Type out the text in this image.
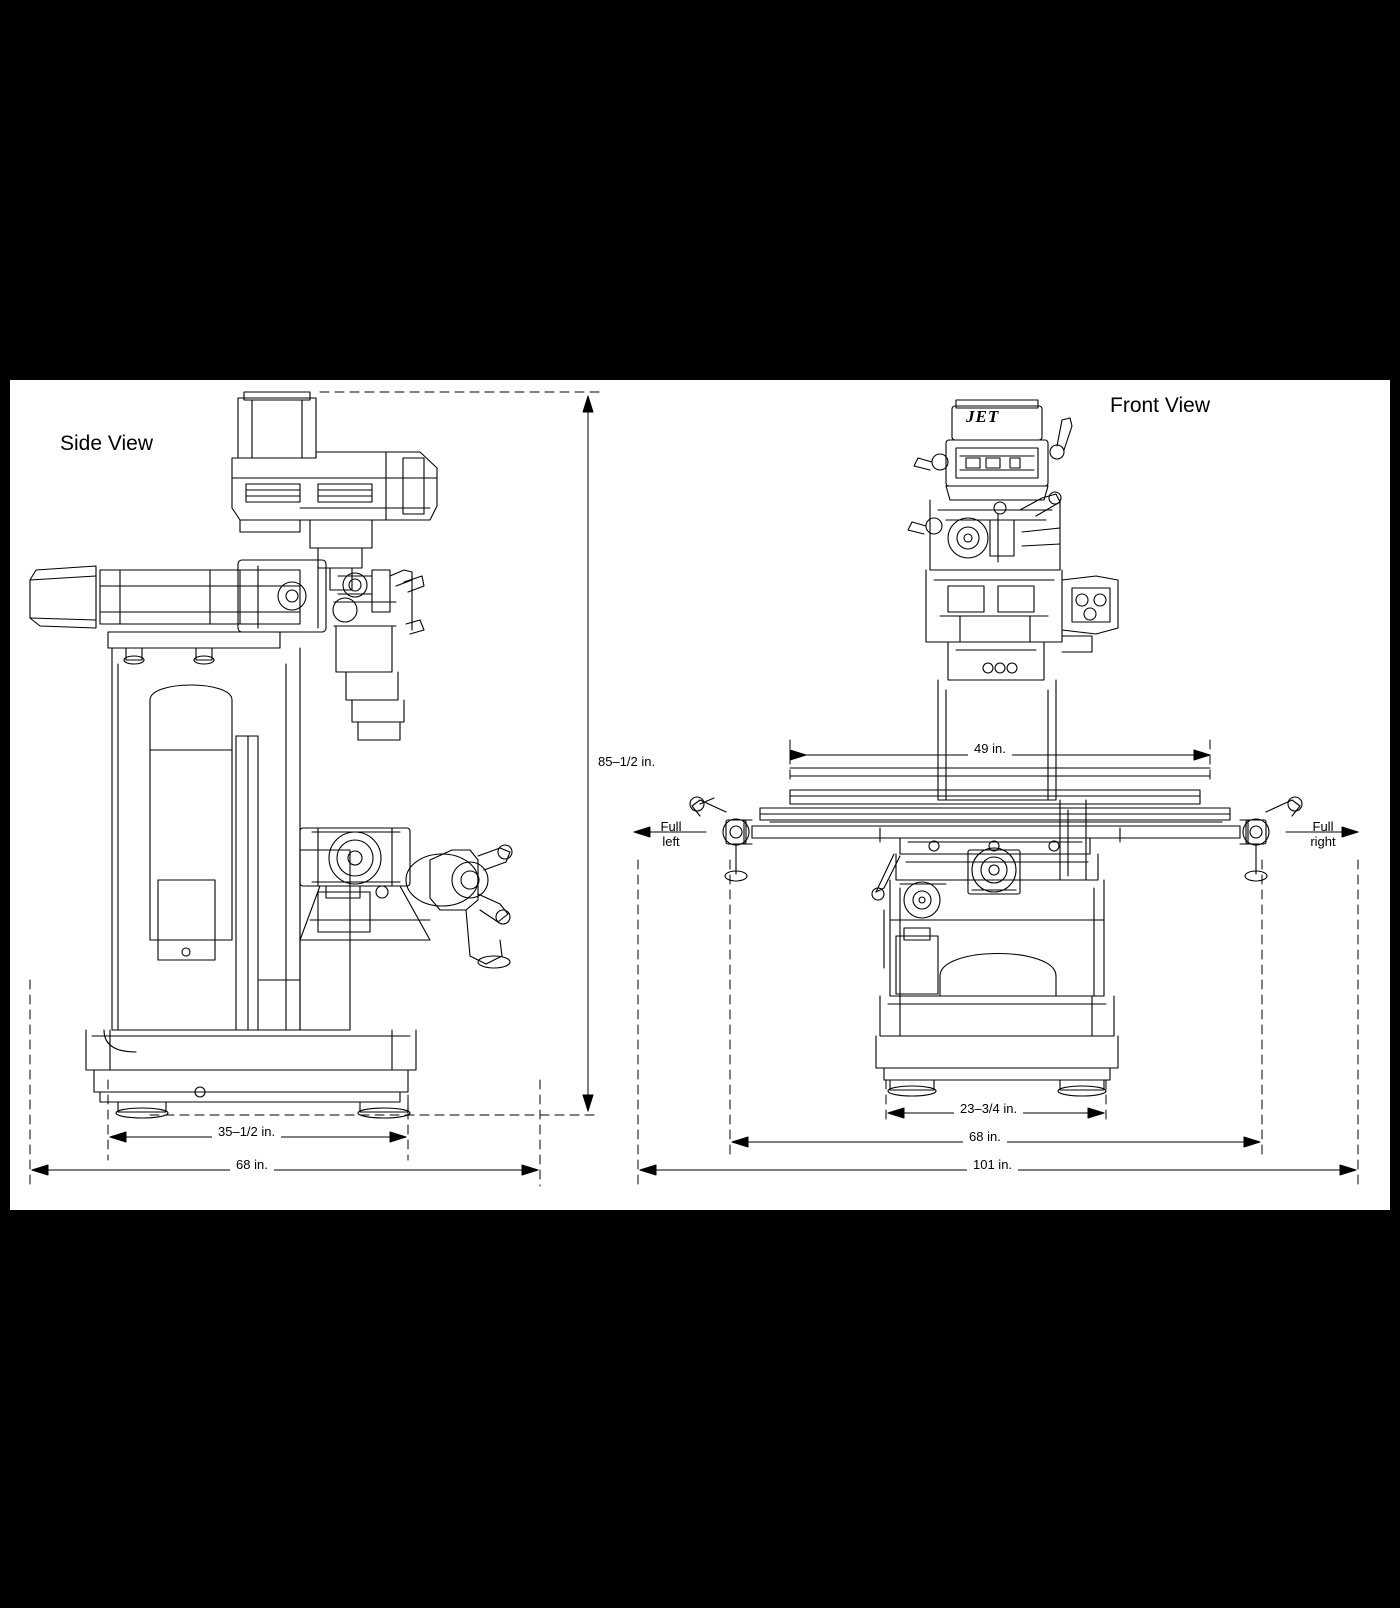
Side View
Front View
85–1/2 in.
35–1/2 in.
68 in.
49 in.
Full
left
Full
right
23–3/4 in.
68 in.
101 in.
JET
